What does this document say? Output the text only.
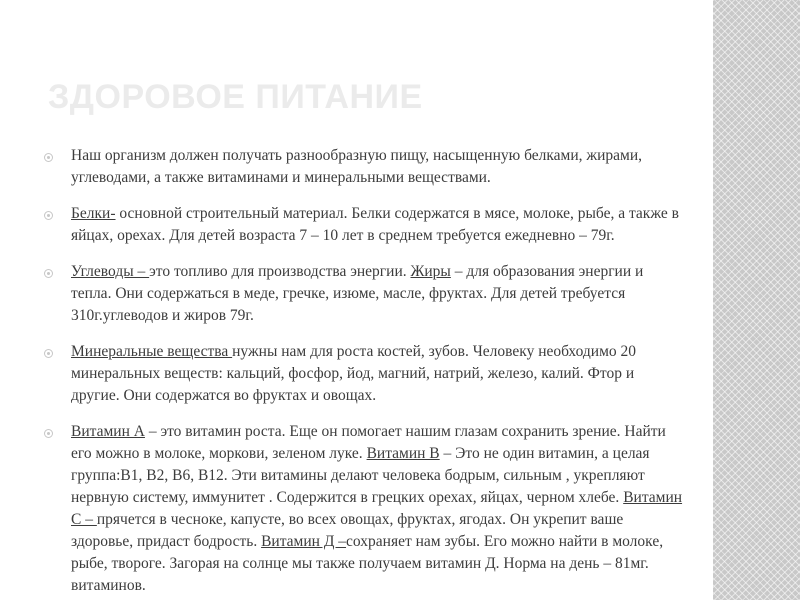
ЗДОРОВОЕ ПИТАНИЕ
Наш организм должен получать разнообразную пищу, насыщенную белками, жирами, углеводами, а также витаминами и минеральными веществами.
Белки- основной строительный материал. Белки содержатся в мясе, молоке, рыбе, а также в яйцах, орехах. Для детей возраста 7 – 10 лет в среднем требуется ежедневно – 79г.
Углеводы – это топливо для производства энергии. Жиры – для образования энергии и тепла. Они содержаться в меде, гречке, изюме, масле, фруктах. Для детей требуется 310г.углеводов и жиров 79г.
Минеральные вещества нужны нам для роста костей, зубов. Человеку необходимо 20 минеральных веществ: кальций, фосфор, йод, магний, натрий, железо, калий. Фтор и другие. Они содержатся во фруктах и овощах.
Витамин А – это витамин роста. Еще он помогает нашим глазам сохранить зрение. Найти его можно в молоке, моркови, зеленом луке. Витамин В – Это не один витамин, а целая группа:В1, В2, В6, В12. Эти витамины делают человека бодрым, сильным , укрепляют нервную систему, иммунитет . Содержится в грецких орехах, яйцах, черном хлебе. Витамин С – прячется в чесноке, капусте, во всех овощах, фруктах, ягодах. Он укрепит ваше здоровье, придаст бодрость. Витамин Д –сохраняет нам зубы. Его можно найти в молоке, рыбе, твороге. Загорая на солнце мы также получаем витамин Д. Норма на день – 81мг. витаминов.
